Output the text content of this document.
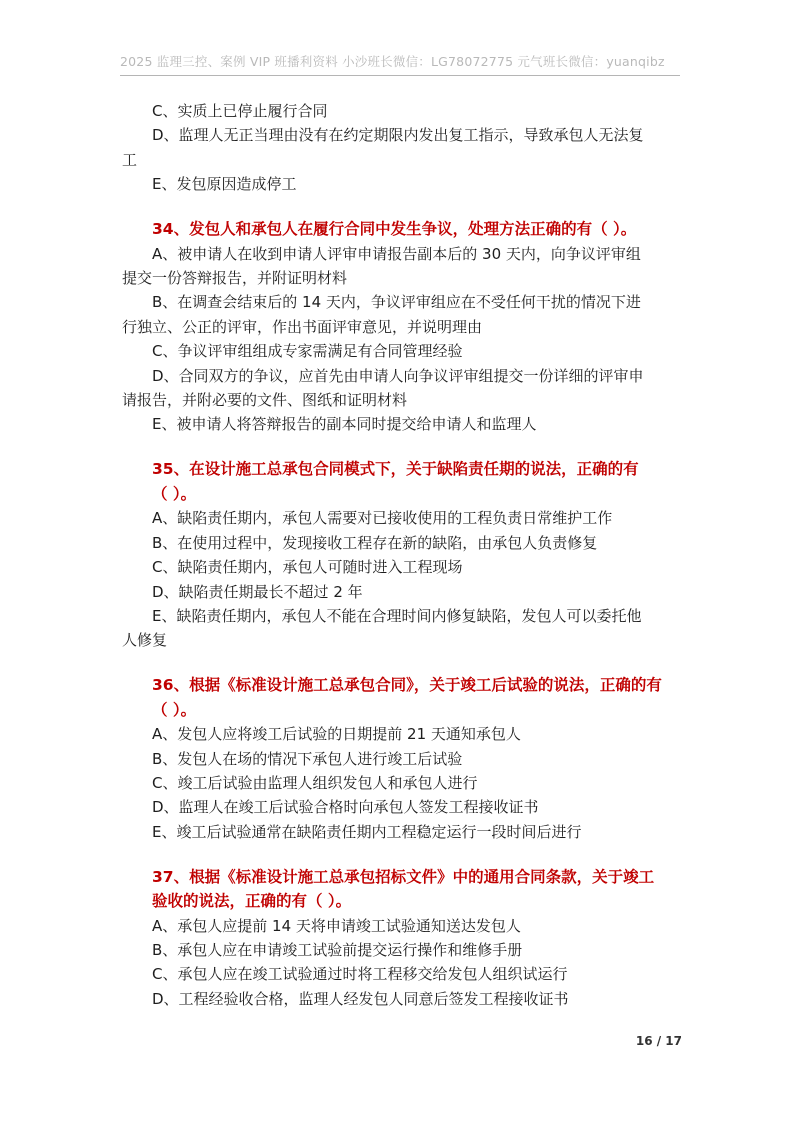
2025 监理三控、案例 VIP 班播利资料 小沙班长微信：LG78072775 元气班长微信：yuanqibz
C、实质上已停止履行合同
D、监理人无正当理由没有在约定期限内发出复工指示，导致承包人无法复
工
E、发包原因造成停工
34、发包人和承包人在履行合同中发生争议，处理方法正确的有（ ）。
A、被申请人在收到申请人评审申请报告副本后的 30 天内，向争议评审组
提交一份答辩报告，并附证明材料
B、在调查会结束后的 14 天内，争议评审组应在不受任何干扰的情况下进
行独立、公正的评审，作出书面评审意见，并说明理由
C、争议评审组组成专家需满足有合同管理经验
D、合同双方的争议，应首先由申请人向争议评审组提交一份详细的评审申
请报告，并附必要的文件、图纸和证明材料
E、被申请人将答辩报告的副本同时提交给申请人和监理人
35、在设计施工总承包合同模式下，关于缺陷责任期的说法，正确的有
（ ）。
A、缺陷责任期内，承包人需要对已接收使用的工程负责日常维护工作
B、在使用过程中，发现接收工程存在新的缺陷，由承包人负责修复
C、缺陷责任期内，承包人可随时进入工程现场
D、缺陷责任期最长不超过 2 年
E、缺陷责任期内，承包人不能在合理时间内修复缺陷，发包人可以委托他
人修复
36、根据《标准设计施工总承包合同》，关于竣工后试验的说法，正确的有
（ ）。
A、发包人应将竣工后试验的日期提前 21 天通知承包人
B、发包人在场的情况下承包人进行竣工后试验
C、竣工后试验由监理人组织发包人和承包人进行
D、监理人在竣工后试验合格时向承包人签发工程接收证书
E、竣工后试验通常在缺陷责任期内工程稳定运行一段时间后进行
37、根据《标准设计施工总承包招标文件》中的通用合同条款，关于竣工
验收的说法，正确的有（ ）。
A、承包人应提前 14 天将申请竣工试验通知送达发包人
B、承包人应在申请竣工试验前提交运行操作和维修手册
C、承包人应在竣工试验通过时将工程移交给发包人组织试运行
D、工程经验收合格，监理人经发包人同意后签发工程接收证书
16 / 17
